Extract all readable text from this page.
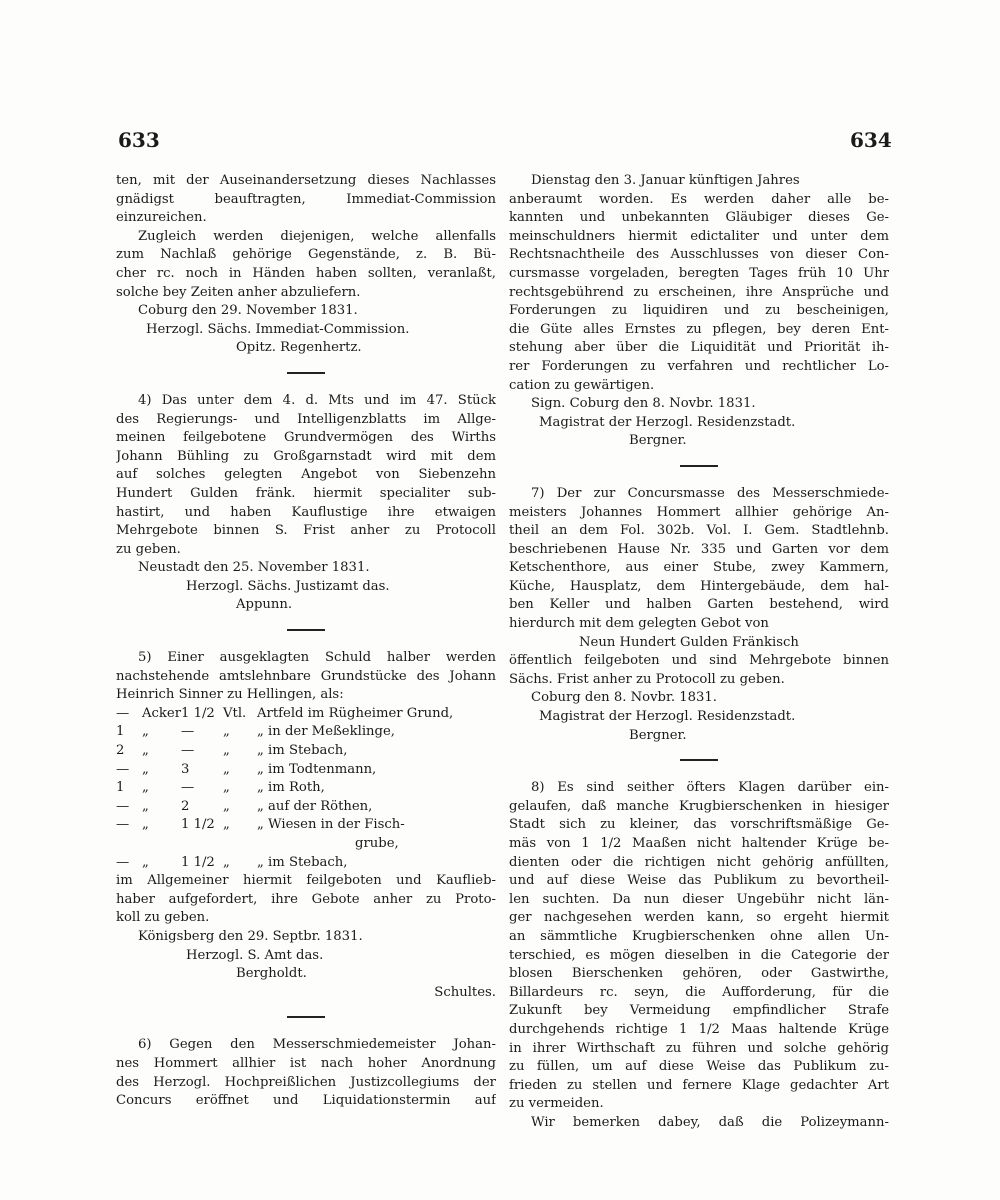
633	634
ten, mit der Auseinandersetzung dieses Nachlasses
gnädigst beauftragten, Immediat-Commission
einzureichen.
Zugleich werden diejenigen, welche allenfalls
zum Nachlaß gehörige Gegenstände, z. B. Bü-
cher rc. noch in Händen haben sollten, veranlaßt,
solche bey Zeiten anher abzuliefern.
Coburg den 29. November 1831.
Herzogl. Sächs. Immediat-Commission.
Opitz. Regenhertz.
4) Das unter dem 4. d. Mts und im 47. Stück
des Regierungs- und Intelligenzblatts im Allge-
meinen feilgebotene Grundvermögen des Wirths
Johann Bühling zu Großgarnstadt wird mit dem
auf solches gelegten Angebot von Siebenzehn
Hundert Gulden fränk. hiermit specialiter sub-
hastirt, und haben Kauflustige ihre etwaigen
Mehrgebote binnen S. Frist anher zu Protocoll
zu geben.
Neustadt den 25. November 1831.
Herzogl. Sächs. Justizamt das.
Appunn.
5) Einer ausgeklagten Schuld halber werden
nachstehende amtslehnbare Grundstücke des Johann
Heinrich Sinner zu Hellingen, als:
—	Acker	1 1/2	Vtl.	Artfeld im Rügheimer Grund,
1	„	—	„	„ in der Meßeklinge,
2	„	—	„	„ im Stebach,
—	„	3	„	„ im Todtenmann,
1	„	—	„	„ im Roth,
—	„	2	„	„ auf der Röthen,
—	„	1 1/2	„	„ Wiesen in der Fisch-
				grube,
—	„	1 1/2	„	„ im Stebach,
im Allgemeiner hiermit feilgeboten und Kauflieb-
haber aufgefordert, ihre Gebote anher zu Proto-
koll zu geben.
Königsberg den 29. Septbr. 1831.
Herzogl. S. Amt das.
Bergholdt.
Schultes.
6) Gegen den Messerschmiedemeister Johan-
nes Hommert allhier ist nach hoher Anordnung
des Herzogl. Hochpreißlichen Justizcollegiums der
Concurs eröffnet und Liquidationstermin auf
Dienstag den 3. Januar künftigen Jahres
anberaumt worden. Es werden daher alle be-
kannten und unbekannten Gläubiger dieses Ge-
meinschuldners hiermit edictaliter und unter dem
Rechtsnachtheile des Ausschlusses von dieser Con-
cursmasse vorgeladen, beregten Tages früh 10 Uhr
rechtsgebührend zu erscheinen, ihre Ansprüche und
Forderungen zu liquidiren und zu bescheinigen,
die Güte alles Ernstes zu pflegen, bey deren Ent-
stehung aber über die Liquidität und Priorität ih-
rer Forderungen zu verfahren und rechtlicher Lo-
cation zu gewärtigen.
Sign. Coburg den 8. Novbr. 1831.
Magistrat der Herzogl. Residenzstadt.
Bergner.
7) Der zur Concursmasse des Messerschmiede-
meisters Johannes Hommert allhier gehörige An-
theil an dem Fol. 302b. Vol. I. Gem. Stadtlehnb.
beschriebenen Hause Nr. 335 und Garten vor dem
Ketschenthore, aus einer Stube, zwey Kammern,
Küche, Hausplatz, dem Hintergebäude, dem hal-
ben Keller und halben Garten bestehend, wird
hierdurch mit dem gelegten Gebot von
Neun Hundert Gulden Fränkisch
öffentlich feilgeboten und sind Mehrgebote binnen
Sächs. Frist anher zu Protocoll zu geben.
Coburg den 8. Novbr. 1831.
Magistrat der Herzogl. Residenzstadt.
Bergner.
8) Es sind seither öfters Klagen darüber ein-
gelaufen, daß manche Krugbierschenken in hiesiger
Stadt sich zu kleiner, das vorschriftsmäßige Ge-
mäs von 1 1/2 Maaßen nicht haltender Krüge be-
dienten oder die richtigen nicht gehörig anfüllten,
und auf diese Weise das Publikum zu bevortheil-
len suchten. Da nun dieser Ungebühr nicht län-
ger nachgesehen werden kann, so ergeht hiermit
an sämmtliche Krugbierschenken ohne allen Un-
terschied, es mögen dieselben in die Categorie der
blosen Bierschenken gehören, oder Gastwirthe,
Billardeurs rc. seyn, die Aufforderung, für die
Zukunft bey Vermeidung empfindlicher Strafe
durchgehends richtige 1 1/2 Maas haltende Krüge
in ihrer Wirthschaft zu führen und solche gehörig
zu füllen, um auf diese Weise das Publikum zu-
frieden zu stellen und fernere Klage gedachter Art
zu vermeiden.
Wir bemerken dabey, daß die Polizeymann-
